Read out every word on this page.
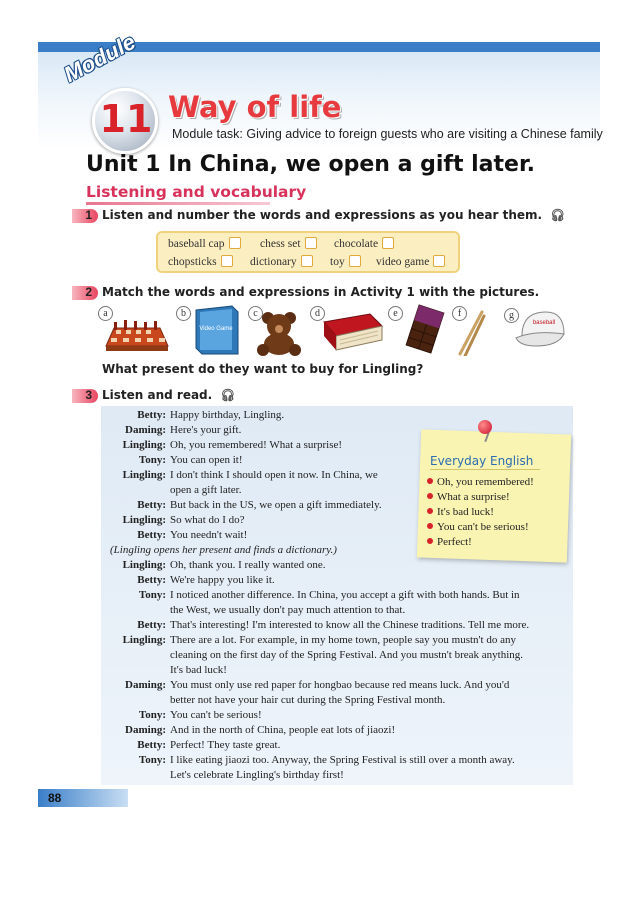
Module
11 Way of life
Module task: Giving advice to foreign guests who are visiting a Chinese family
Unit 1 In China, we open a gift later.
Listening and vocabulary
1 Listen and number the words and expressions as you hear them. 🎧︎
baseball cap	chess set	chocolate
chopsticks	dictionary	toy	video game
2 Match the words and expressions in Activity 1 with the pictures.
a	b
Video Game
c	d	e	f	g
baseball
What present do they want to buy for Lingling?
3 Listen and read. 🎧︎
Betty: Happy birthday, Lingling.
Daming: Here's your gift.
Lingling: Oh, you remembered! What a surprise!
Tony: You can open it!
Lingling: I don't think I should open it now. In China, we
open a gift later.
Betty: But back in the US, we open a gift immediately.
Lingling: So what do I do?
Betty: You needn't wait!
(Lingling opens her present and finds a dictionary.)
Lingling: Oh, thank you. I really wanted one.
Betty: We're happy you like it.
Tony: I noticed another difference. In China, you accept a gift with both hands. But in
the West, we usually don't pay much attention to that.
Betty: That's interesting! I'm interested to know all the Chinese traditions. Tell me more.
Lingling: There are a lot. For example, in my home town, people say you mustn't do any
cleaning on the first day of the Spring Festival. And you mustn't break anything.
It's bad luck!
Daming: You must only use red paper for hongbao because red means luck. And you'd
better not have your hair cut during the Spring Festival month.
Tony: You can't be serious!
Daming: And in the north of China, people eat lots of jiaozi!
Betty: Perfect! They taste great.
Tony: I like eating jiaozi too. Anyway, the Spring Festival is still over a month away.
Let's celebrate Lingling's birthday first!
Everyday English
Oh, you remembered!
What a surprise!
It's bad luck!
You can't be serious!
Perfect!
88
